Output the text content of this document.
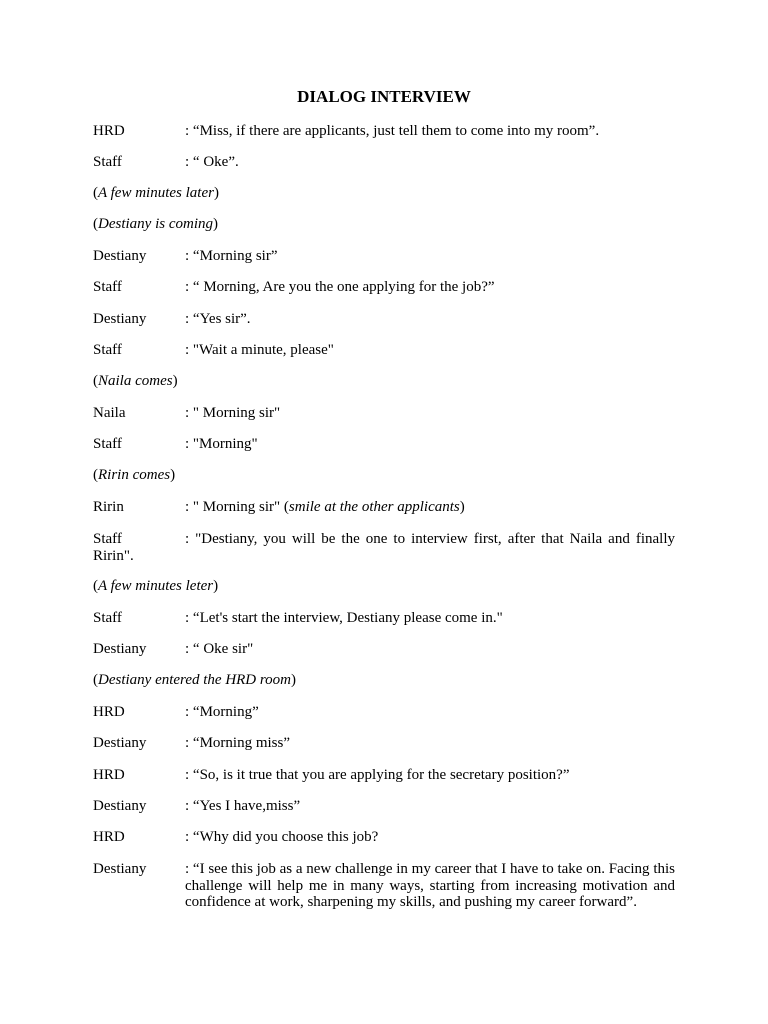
DIALOG INTERVIEW
HRD	: “Miss, if there are applicants, just tell them to come into my room”.
Staff	: “ Oke”.
(A few minutes later)
(Destiany is coming)
Destiany	: “Morning sir”
Staff	: “ Morning, Are you the one applying for the job?”
Destiany	: “Yes sir”.
Staff	: "Wait a minute, please"
(Naila comes)
Naila	: " Morning sir"
Staff	: "Morning"
(Ririn comes)
Ririn	: " Morning sir" (smile at the other applicants)
Staff	: "Destiany, you will be the one to interview first, after that Naila and finally Ririn".
(A few minutes leter)
Staff	: “Let's start the interview, Destiany please come in."
Destiany	: “ Oke sir"
(Destiany entered the HRD room)
HRD	: “Morning”
Destiany	: “Morning miss”
HRD	: “So, is it true that you are applying for the secretary position?”
Destiany	: “Yes I have,miss”
HRD	: “Why did you choose this job?
Destiany	: “I see this job as a new challenge in my career that I have to take on. Facing this challenge will help me in many ways, starting from increasing motivation and confidence at work, sharpening my skills, and pushing my career forward”.
